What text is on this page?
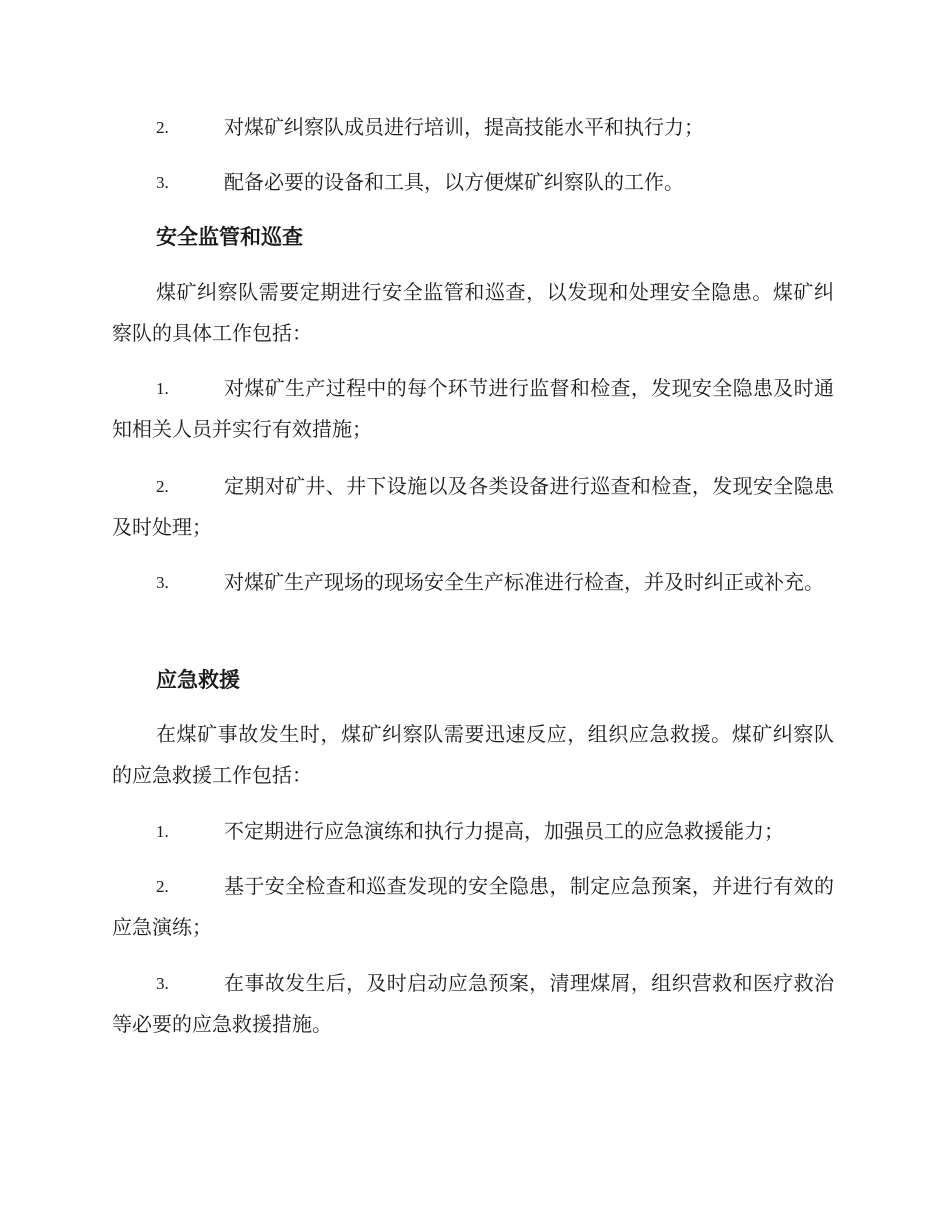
2.	对煤矿纠察队成员进行培训，提高技能水平和执行力；
3.	配备必要的设备和工具，以方便煤矿纠察队的工作。
安全监管和巡查
煤矿纠察队需要定期进行安全监管和巡查，以发现和处理安全隐患。煤矿纠察队的具体工作包括：
1.	对煤矿生产过程中的每个环节进行监督和检查，发现安全隐患及时通知相关人员并实行有效措施；
2.	定期对矿井、井下设施以及各类设备进行巡查和检查，发现安全隐患及时处理；
3.	对煤矿生产现场的现场安全生产标准进行检查，并及时纠正或补充。
应急救援
在煤矿事故发生时，煤矿纠察队需要迅速反应，组织应急救援。煤矿纠察队的应急救援工作包括：
1.	不定期进行应急演练和执行力提高，加强员工的应急救援能力；
2.	基于安全检查和巡查发现的安全隐患，制定应急预案，并进行有效的应急演练；
3.	在事故发生后，及时启动应急预案，清理煤屑，组织营救和医疗救治等必要的应急救援措施。
